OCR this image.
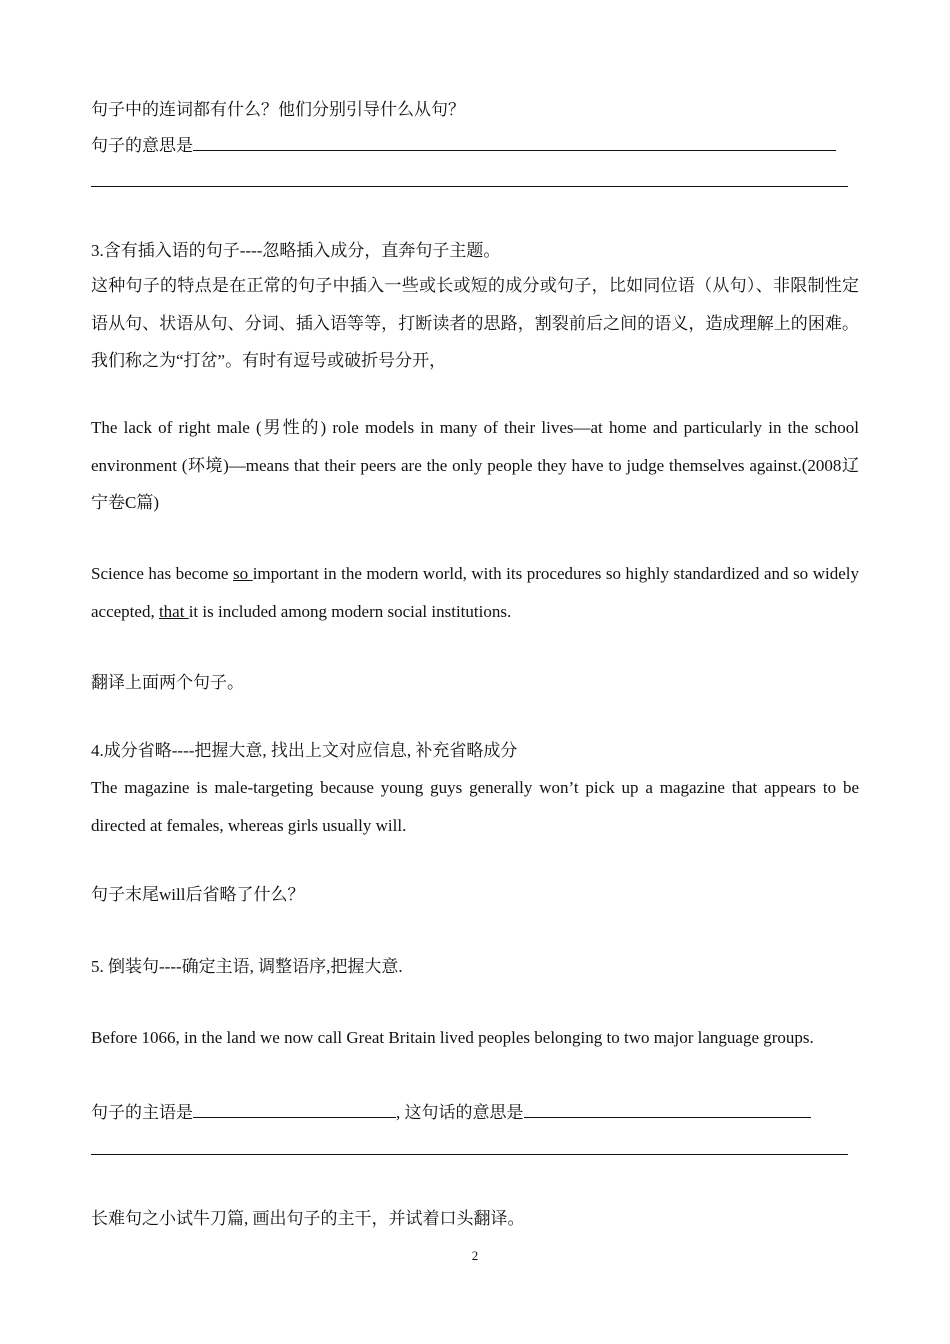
句子中的连词都有什么？他们分别引导什么从句？
句子的意思是
3.含有插入语的句子----忽略插入成分，直奔句子主题。
这种句子的特点是在正常的句子中插入一些或长或短的成分或句子，比如同位语（从句）、非限制性定语从句、状语从句、分词、插入语等等，打断读者的思路，割裂前后之间的语义，造成理解上的困难。我们称之为“打岔”。有时有逗号或破折号分开，
The lack of right male (男性的) role models in many of their lives—at home and particularly in the school environment (环境)—means that their peers are the only people they have to judge themselves against.(2008辽宁卷C篇)
Science has become so important in the modern world, with its procedures so highly standardized and so widely accepted, that it is included among modern social institutions.
翻译上面两个句子。
4.成分省略----把握大意, 找出上文对应信息, 补充省略成分
The magazine is male-targeting because young guys generally won’t pick up a magazine that appears to be directed at females, whereas girls usually will.
句子末尾will后省略了什么？
5. 倒装句----确定主语, 调整语序,把握大意.
Before 1066, in the land we now call Great Britain lived peoples belonging to two major language groups.
句子的主语是	, 这句话的意思是
长难句之小试牛刀篇, 画出句子的主干，并试着口头翻译。
2
